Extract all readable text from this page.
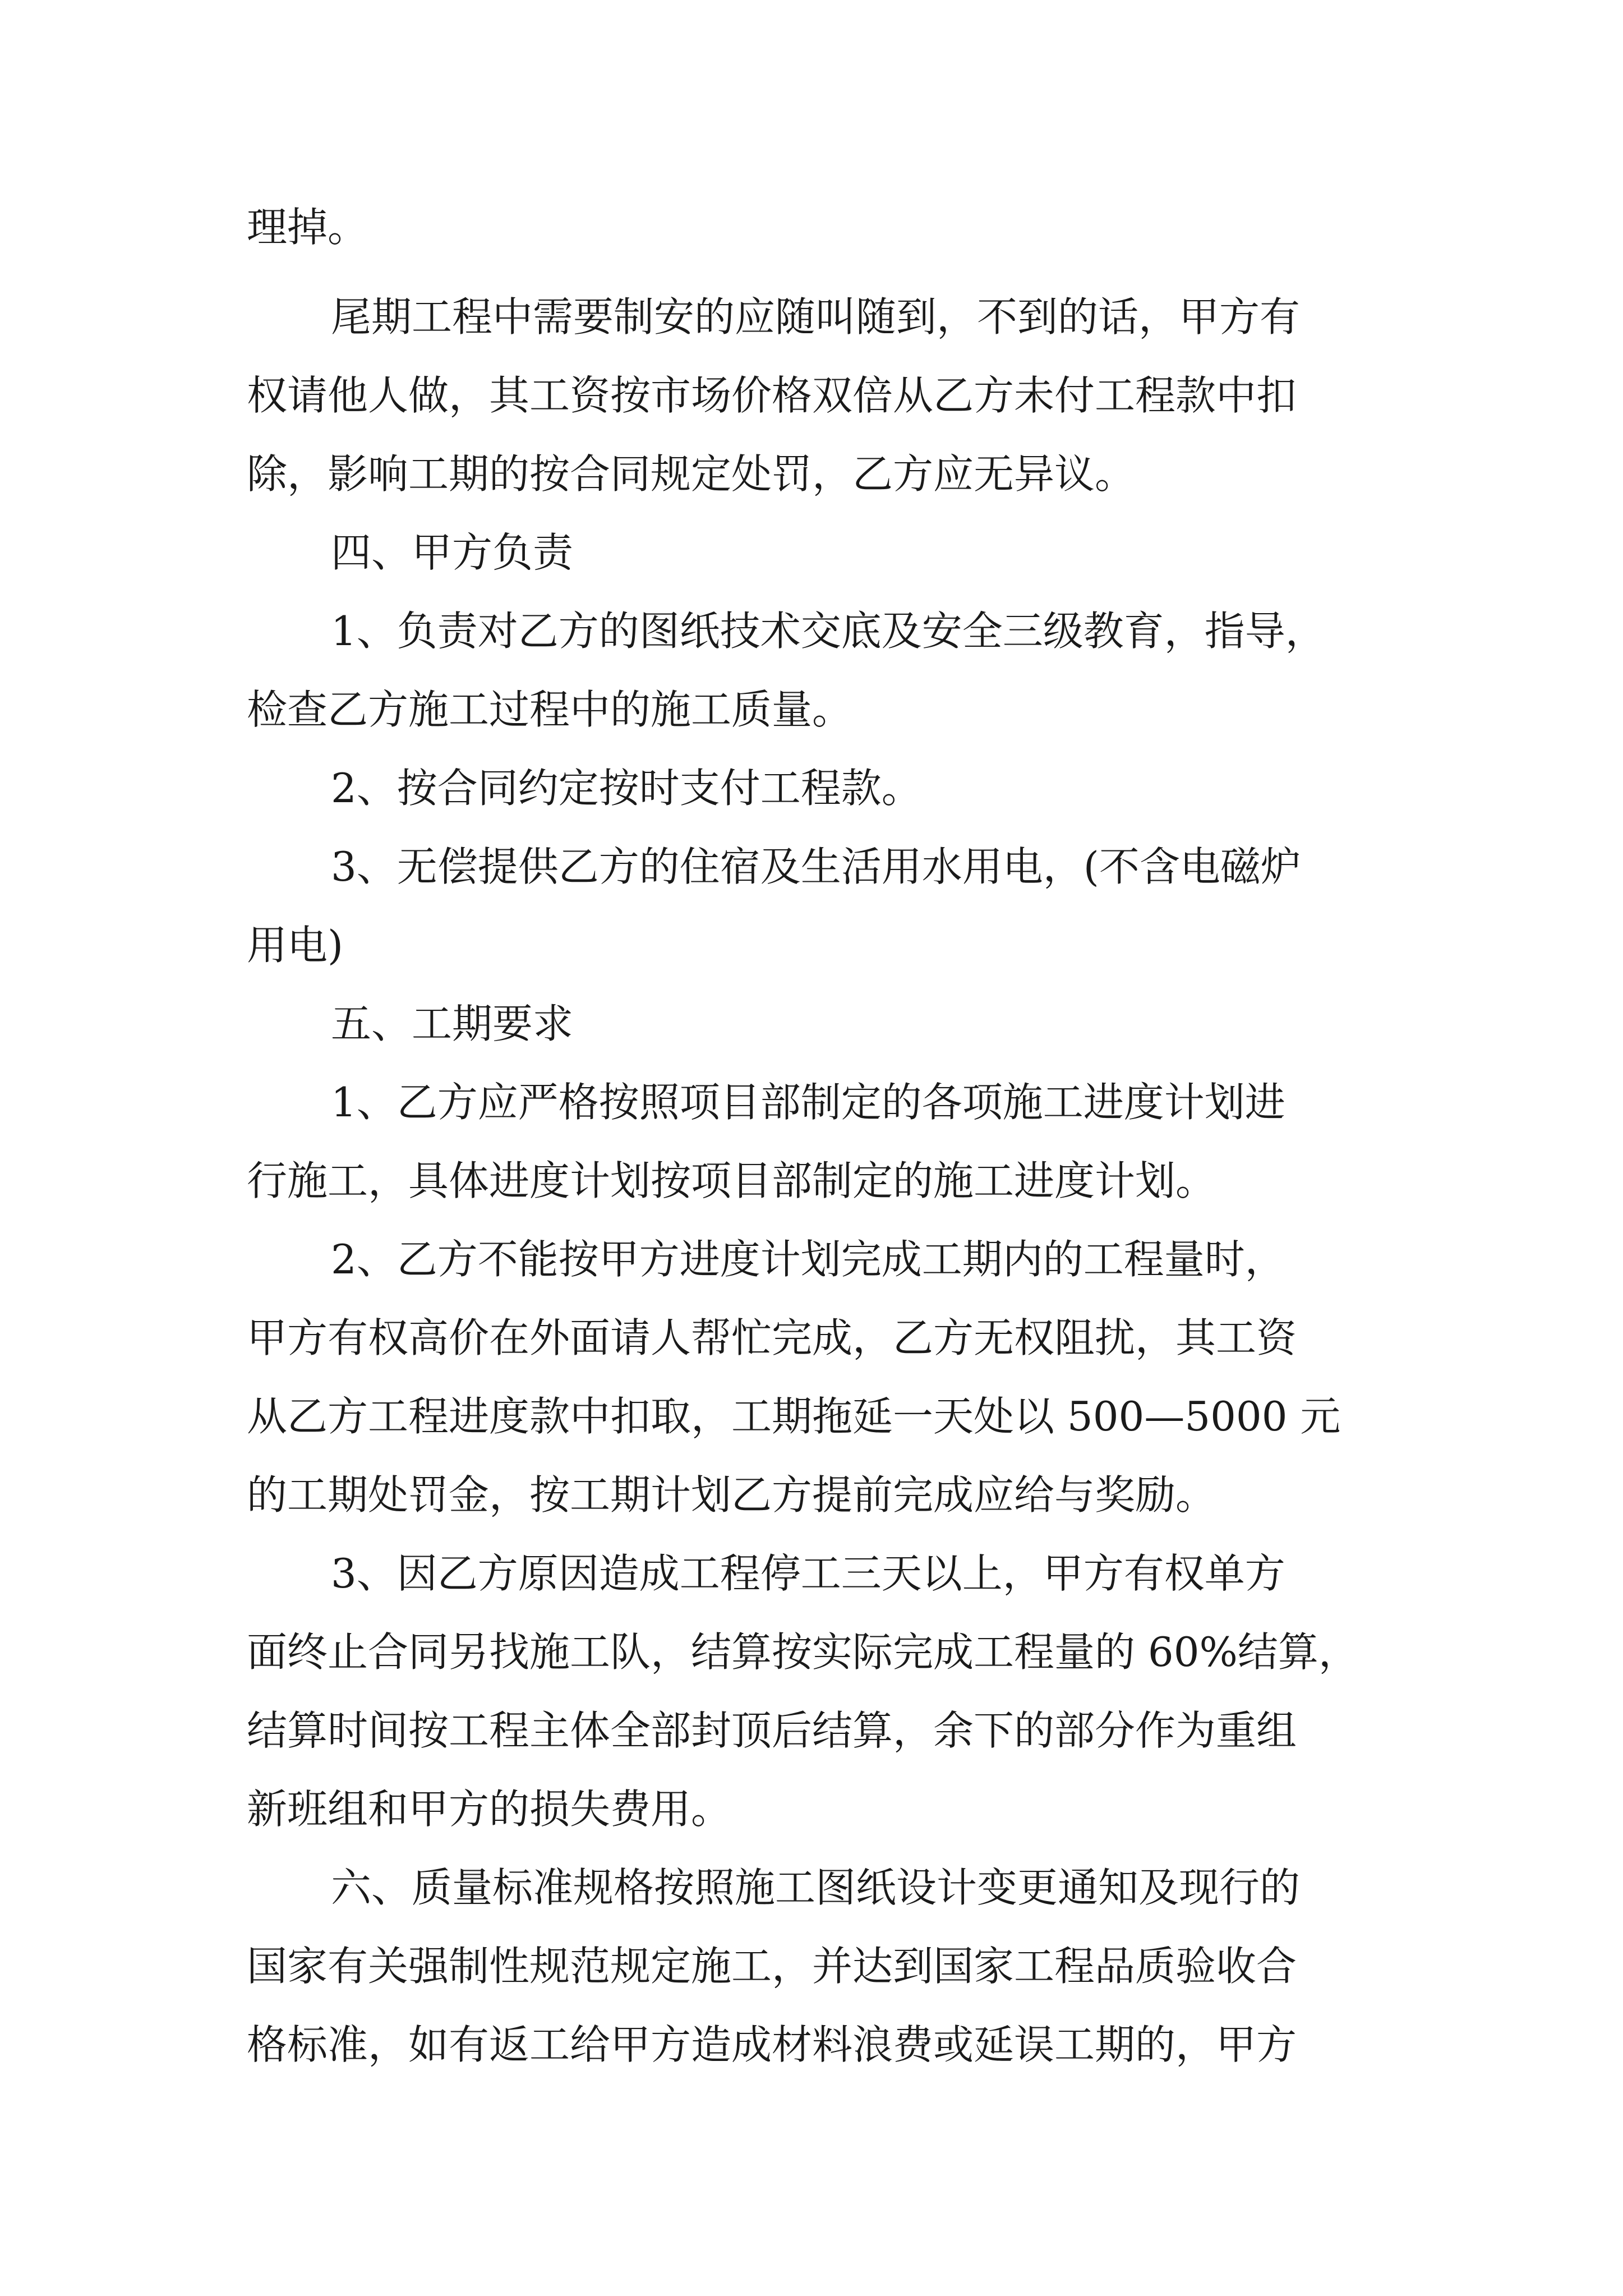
理掉。
尾期工程中需要制安的应随叫随到，不到的话，甲方有
权请他人做，其工资按市场价格双倍从乙方未付工程款中扣
除，影响工期的按合同规定处罚，乙方应无异议。
四、甲方负责
1、负责对乙方的图纸技术交底及安全三级教育，指导，
检查乙方施工过程中的施工质量。
2、按合同约定按时支付工程款。
3、无偿提供乙方的住宿及生活用水用电，(不含电磁炉
用电)
五、工期要求
1、乙方应严格按照项目部制定的各项施工进度计划进
行施工，具体进度计划按项目部制定的施工进度计划。
2、乙方不能按甲方进度计划完成工期内的工程量时，
甲方有权高价在外面请人帮忙完成，乙方无权阻扰，其工资
从乙方工程进度款中扣取，工期拖延一天处以 500—5000 元
的工期处罚金，按工期计划乙方提前完成应给与奖励。
3、因乙方原因造成工程停工三天以上，甲方有权单方
面终止合同另找施工队，结算按实际完成工程量的 60%结算，
结算时间按工程主体全部封顶后结算，余下的部分作为重组
新班组和甲方的损失费用。
六、质量标准规格按照施工图纸设计变更通知及现行的
国家有关强制性规范规定施工，并达到国家工程品质验收合
格标准，如有返工给甲方造成材料浪费或延误工期的，甲方
